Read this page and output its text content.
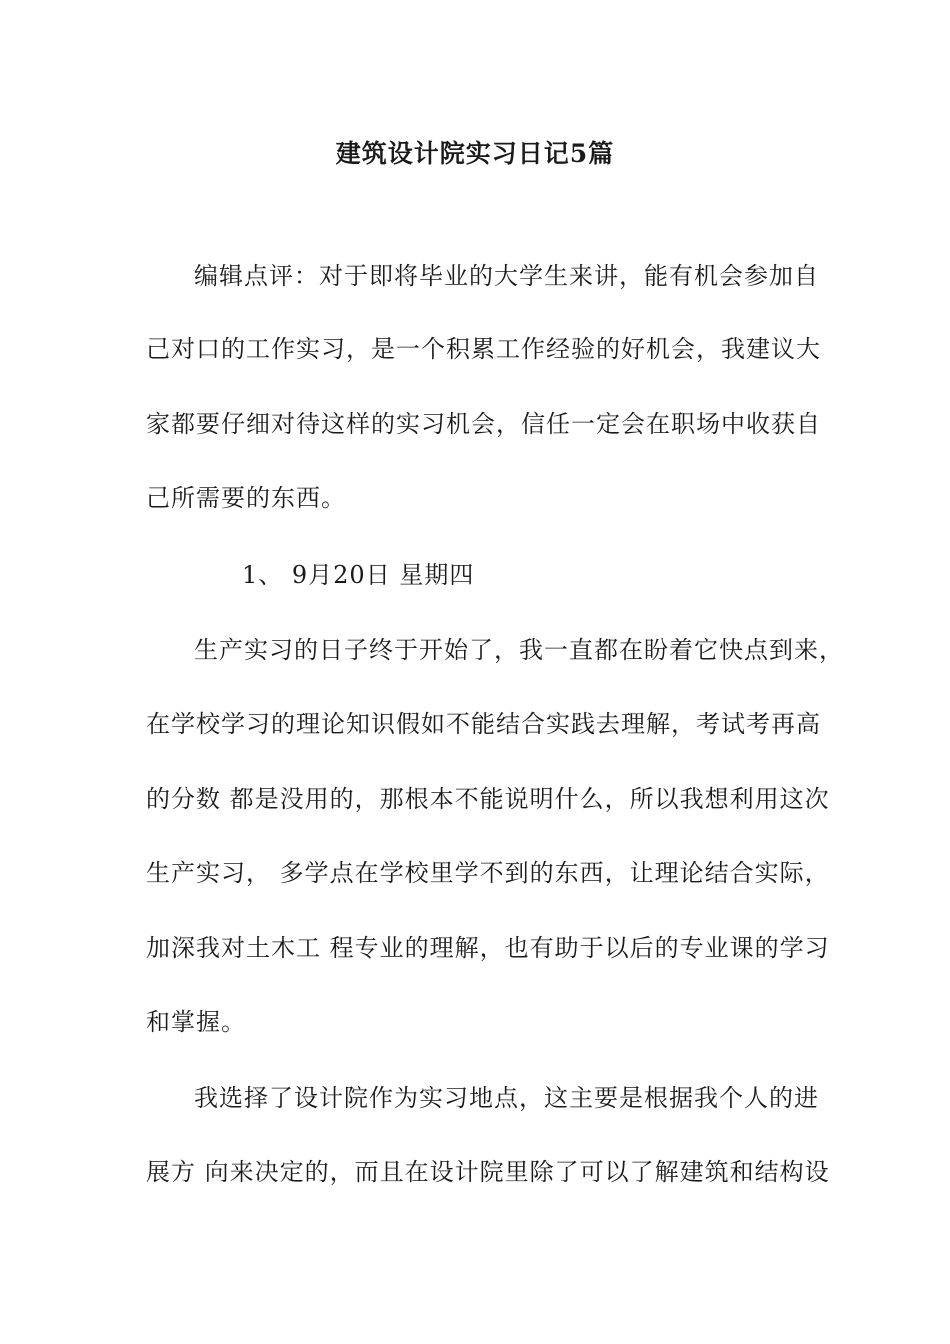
建筑设计院实习日记5篇
编辑点评：对于即将毕业的大学生来讲，能有机会参加自
己对口的工作实习，是一个积累工作经验的好机会，我建议大
家都要仔细对待这样的实习机会，信任一定会在职场中收获自
己所需要的东西。
1、 9月20日 星期四
生产实习的日子终于开始了，我一直都在盼着它快点到来，
在学校学习的理论知识假如不能结合实践去理解，考试考再高
的分数 都是没用的，那根本不能说明什么，所以我想利用这次
生产实习， 多学点在学校里学不到的东西，让理论结合实际，
加深我对土木工 程专业的理解，也有助于以后的专业课的学习
和掌握。
我选择了设计院作为实习地点，这主要是根据我个人的进
展方 向来决定的，而且在设计院里除了可以了解建筑和结构设
